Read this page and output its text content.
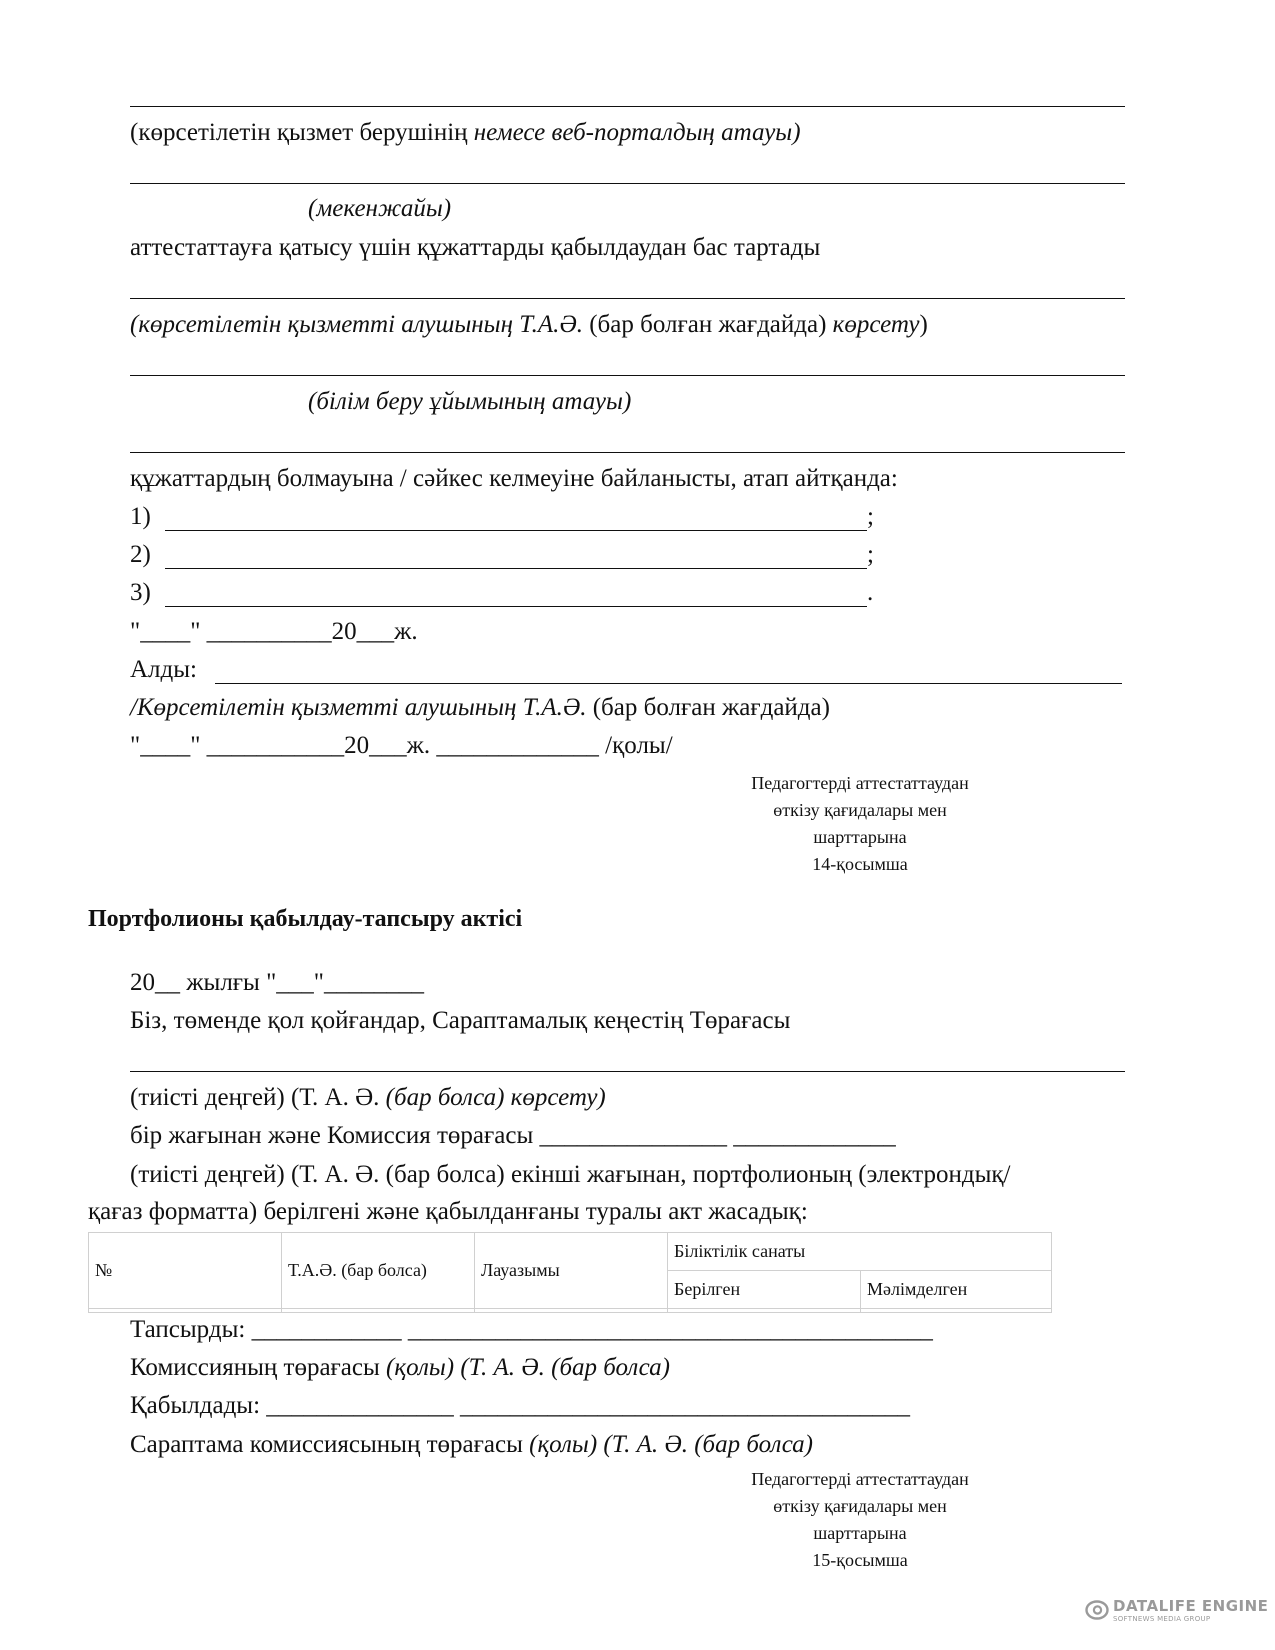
(көрсетілетін қызмет берушінің немесе веб-порталдың атауы)
(мекенжайы)
аттестаттауға қатысу үшін құжаттарды қабылдаудан бас тартады
(көрсетілетін қызметті алушының Т.А.Ә. (бар болған жағдайда) көрсету)
(білім беру ұйымының атауы)
құжаттардың болмауына / сәйкес келмеуіне байланысты, атап айтқанда:
1)	;
2)	;
3)	.
"____" __________20___ж.
Алды:
/Көрсетілетін қызметті алушының Т.А.Ә. (бар болған жағдайда)
"____" ___________20___ж. _____________ /қолы/
Педагогтерді аттестаттаудан
өткізу қағидалары мен
шарттарына
14-қосымша
Портфолионы қабылдау-тапсыру актісі
20__ жылғы "___"________
Біз, төменде қол қойғандар, Сараптамалық кеңестің Төрағасы
(тиісті деңгей) (Т. А. Ә. (бар болса) көрсету)
бір жағынан және Комиссия төрағасы _______________ _____________
(тиісті деңгей) (Т. А. Ә. (бар болса) екінші жағынан, портфолионың (электрондық/
қағаз форматта) берілгені және қабылданғаны туралы акт жасадық:
№	Т.А.Ә. (бар болса)	Лауазымы	Біліктілік санаты	
			Берілген	Мәлімделген

Тапсырды: ____________ __________________________________________
Комиссияның төрағасы (қолы) (Т. А. Ә. (бар болса)
Қабылдады: _______________ ____________________________________
Сараптама комиссиясының төрағасы (қолы) (Т. А. Ә. (бар болса)
Педагогтерді аттестаттаудан
өткізу қағидалары мен
шарттарына
15-қосымша
DATALIFE ENGINE
SOFTNEWS MEDIA GROUP
